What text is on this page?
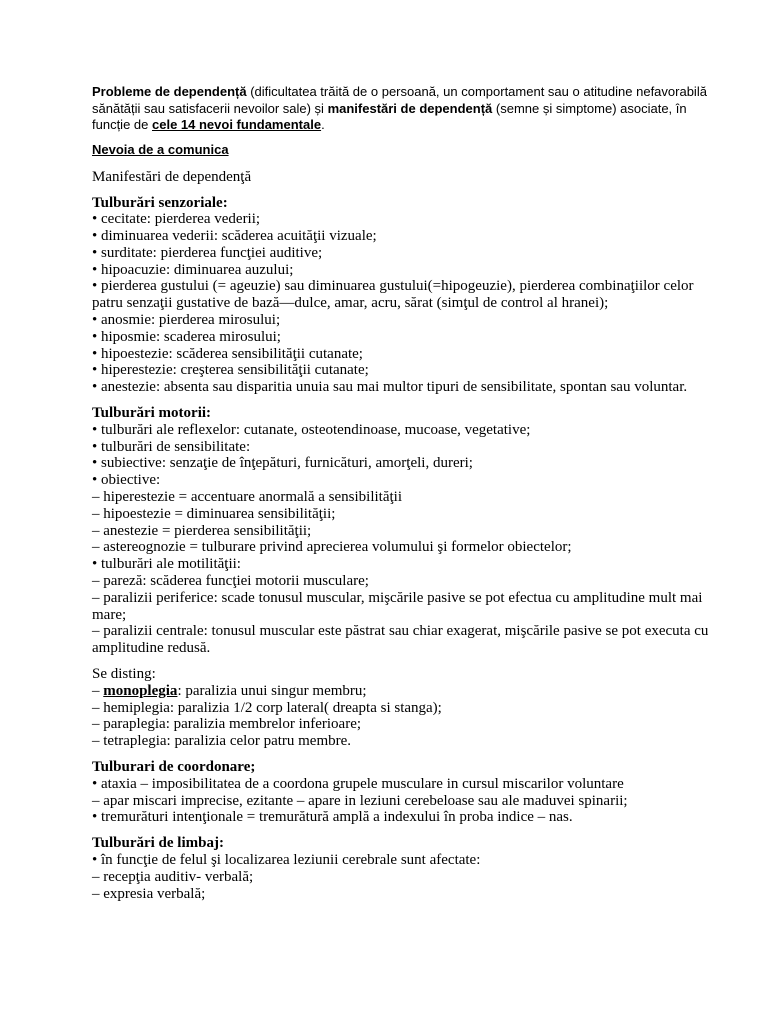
Probleme de dependență (dificultatea trăită de o persoană, un comportament sau o atitudine nefavorabilă sănătății sau satisfacerii nevoilor sale) și manifestări de dependență (semne și simptome) asociate, în funcție de cele 14 nevoi fundamentale.

Nevoia de a comunica

Manifestări de dependenţă

Tulburări senzoriale:

• cecitate: pierderea vederii;
• diminuarea vederii: scăderea acuităţii vizuale;
• surditate: pierderea funcţiei auditive;
• hipoacuzie: diminuarea auzului;
• pierderea gustului (= ageuzie) sau diminuarea gustului(=hipogeuzie), pierderea combinaţiilor celor patru senzaţii gustative de bază—dulce, amar, acru, sărat (simţul de control al hranei);
• anosmie: pierderea mirosului;
• hiposmie: scaderea mirosului;
• hipoestezie: scăderea sensibilităţii cutanate;
• hiperestezie: creşterea sensibilităţii cutanate;
• anestezie: absenta sau disparitia unuia sau mai multor tipuri de sensibilitate, spontan sau voluntar.

Tulburări motorii:

• tulburări ale reflexelor: cutanate, osteotendinoase, mucoase, vegetative;
• tulburări de sensibilitate:
• subiective: senzaţie de înţepături, furnicături, amorţeli, dureri;
• obiective:
– hiperestezie = accentuare anormală a sensibilităţii
– hipoestezie = diminuarea sensibilităţii;
– anestezie = pierderea sensibilităţii;
– astereognozie = tulburare privind aprecierea volumului şi formelor obiectelor;
• tulburări ale motilităţii:
– pareză: scăderea funcţiei motorii musculare;
– paralizii periferice: scade tonusul muscular, mişcările pasive se pot efectua cu amplitudine mult mai mare;
– paralizii centrale: tonusul muscular este păstrat sau chiar exagerat, mişcările pasive se pot executa cu amplitudine redusă.

Se disting:

– monoplegia: paralizia unui singur membru;
– hemiplegia: paralizia 1/2 corp lateral( dreapta si stanga);
– paraplegia: paralizia membrelor inferioare;
– tetraplegia: paralizia celor patru membre.

Tulburari de coordonare;

• ataxia – imposibilitatea de a coordona grupele musculare in cursul miscarilor voluntare
– apar miscari imprecise, ezitante – apare in leziuni cerebeloase sau ale maduvei spinarii;
• tremurături intenţionale = tremurătură amplă a indexului în proba indice – nas.

Tulburări de limbaj:

• în funcţie de felul şi localizarea leziunii cerebrale sunt afectate:
– recepţia auditiv- verbală;
– expresia verbală;
